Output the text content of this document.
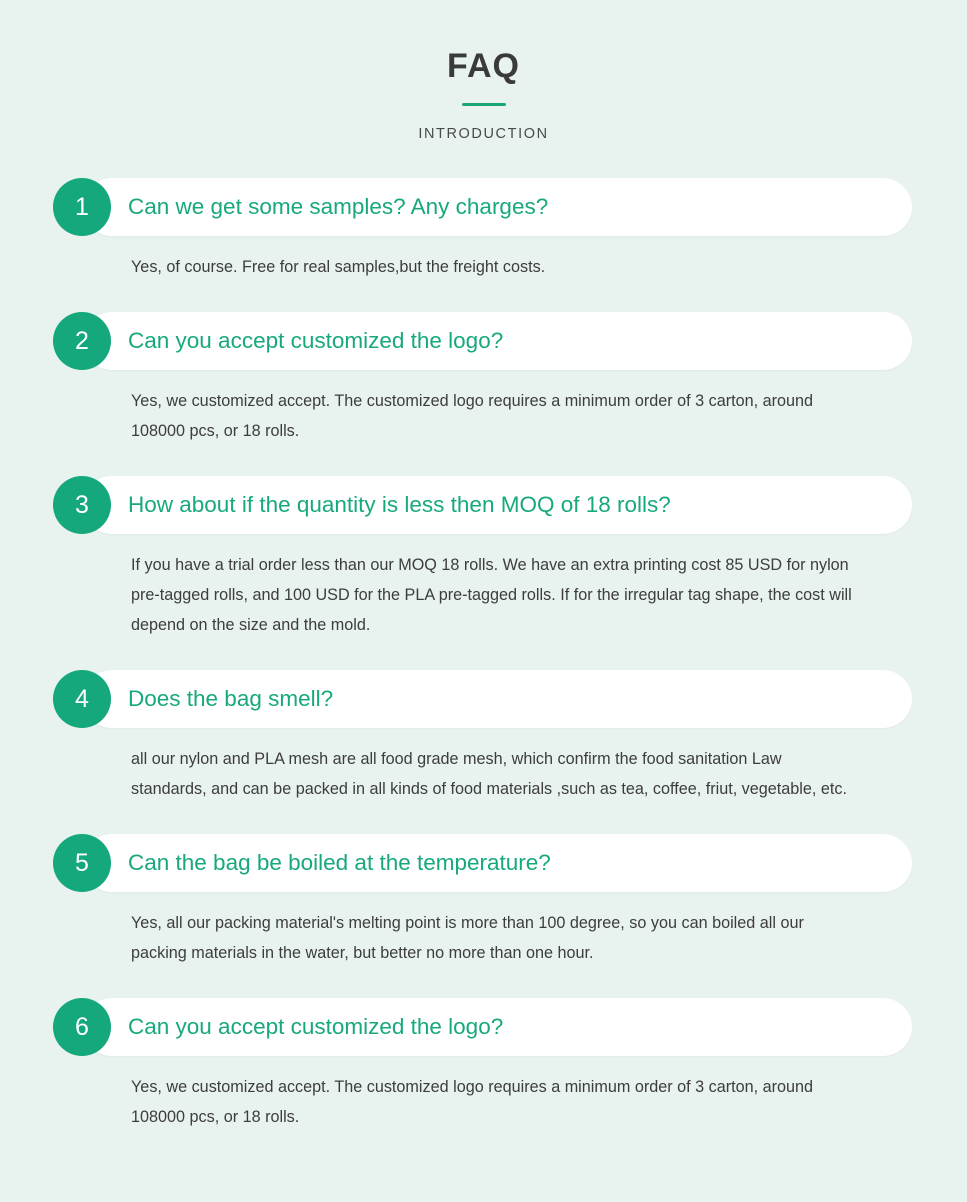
FAQ
INTRODUCTION
1	Can we get some samples? Any charges?
Yes, of course. Free for real samples,but the freight costs.
2	Can you accept customized the logo?
Yes, we customized accept. The customized logo requires a minimum order of 3 carton, around 108000 pcs, or 18 rolls.
3	How about if the quantity is less then MOQ of 18 rolls?
If you have a trial order less than our MOQ 18 rolls. We have an extra printing cost 85 USD for nylon pre-tagged rolls, and 100 USD for the PLA pre-tagged rolls. If for the irregular tag shape, the cost will depend on the size and the mold.
4	Does the bag smell?
all our nylon and PLA mesh are all food grade mesh, which confirm the food sanitation Law standards, and can be packed in all kinds of food materials ,such as tea, coffee, friut, vegetable, etc.
5	Can the bag be boiled at the temperature?
Yes, all our packing material's melting point is more than 100 degree, so you can boiled all our packing materials in the water, but better no more than one hour.
6	Can you accept customized the logo?
Yes, we customized accept. The customized logo requires a minimum order of 3 carton, around 108000 pcs, or 18 rolls.
